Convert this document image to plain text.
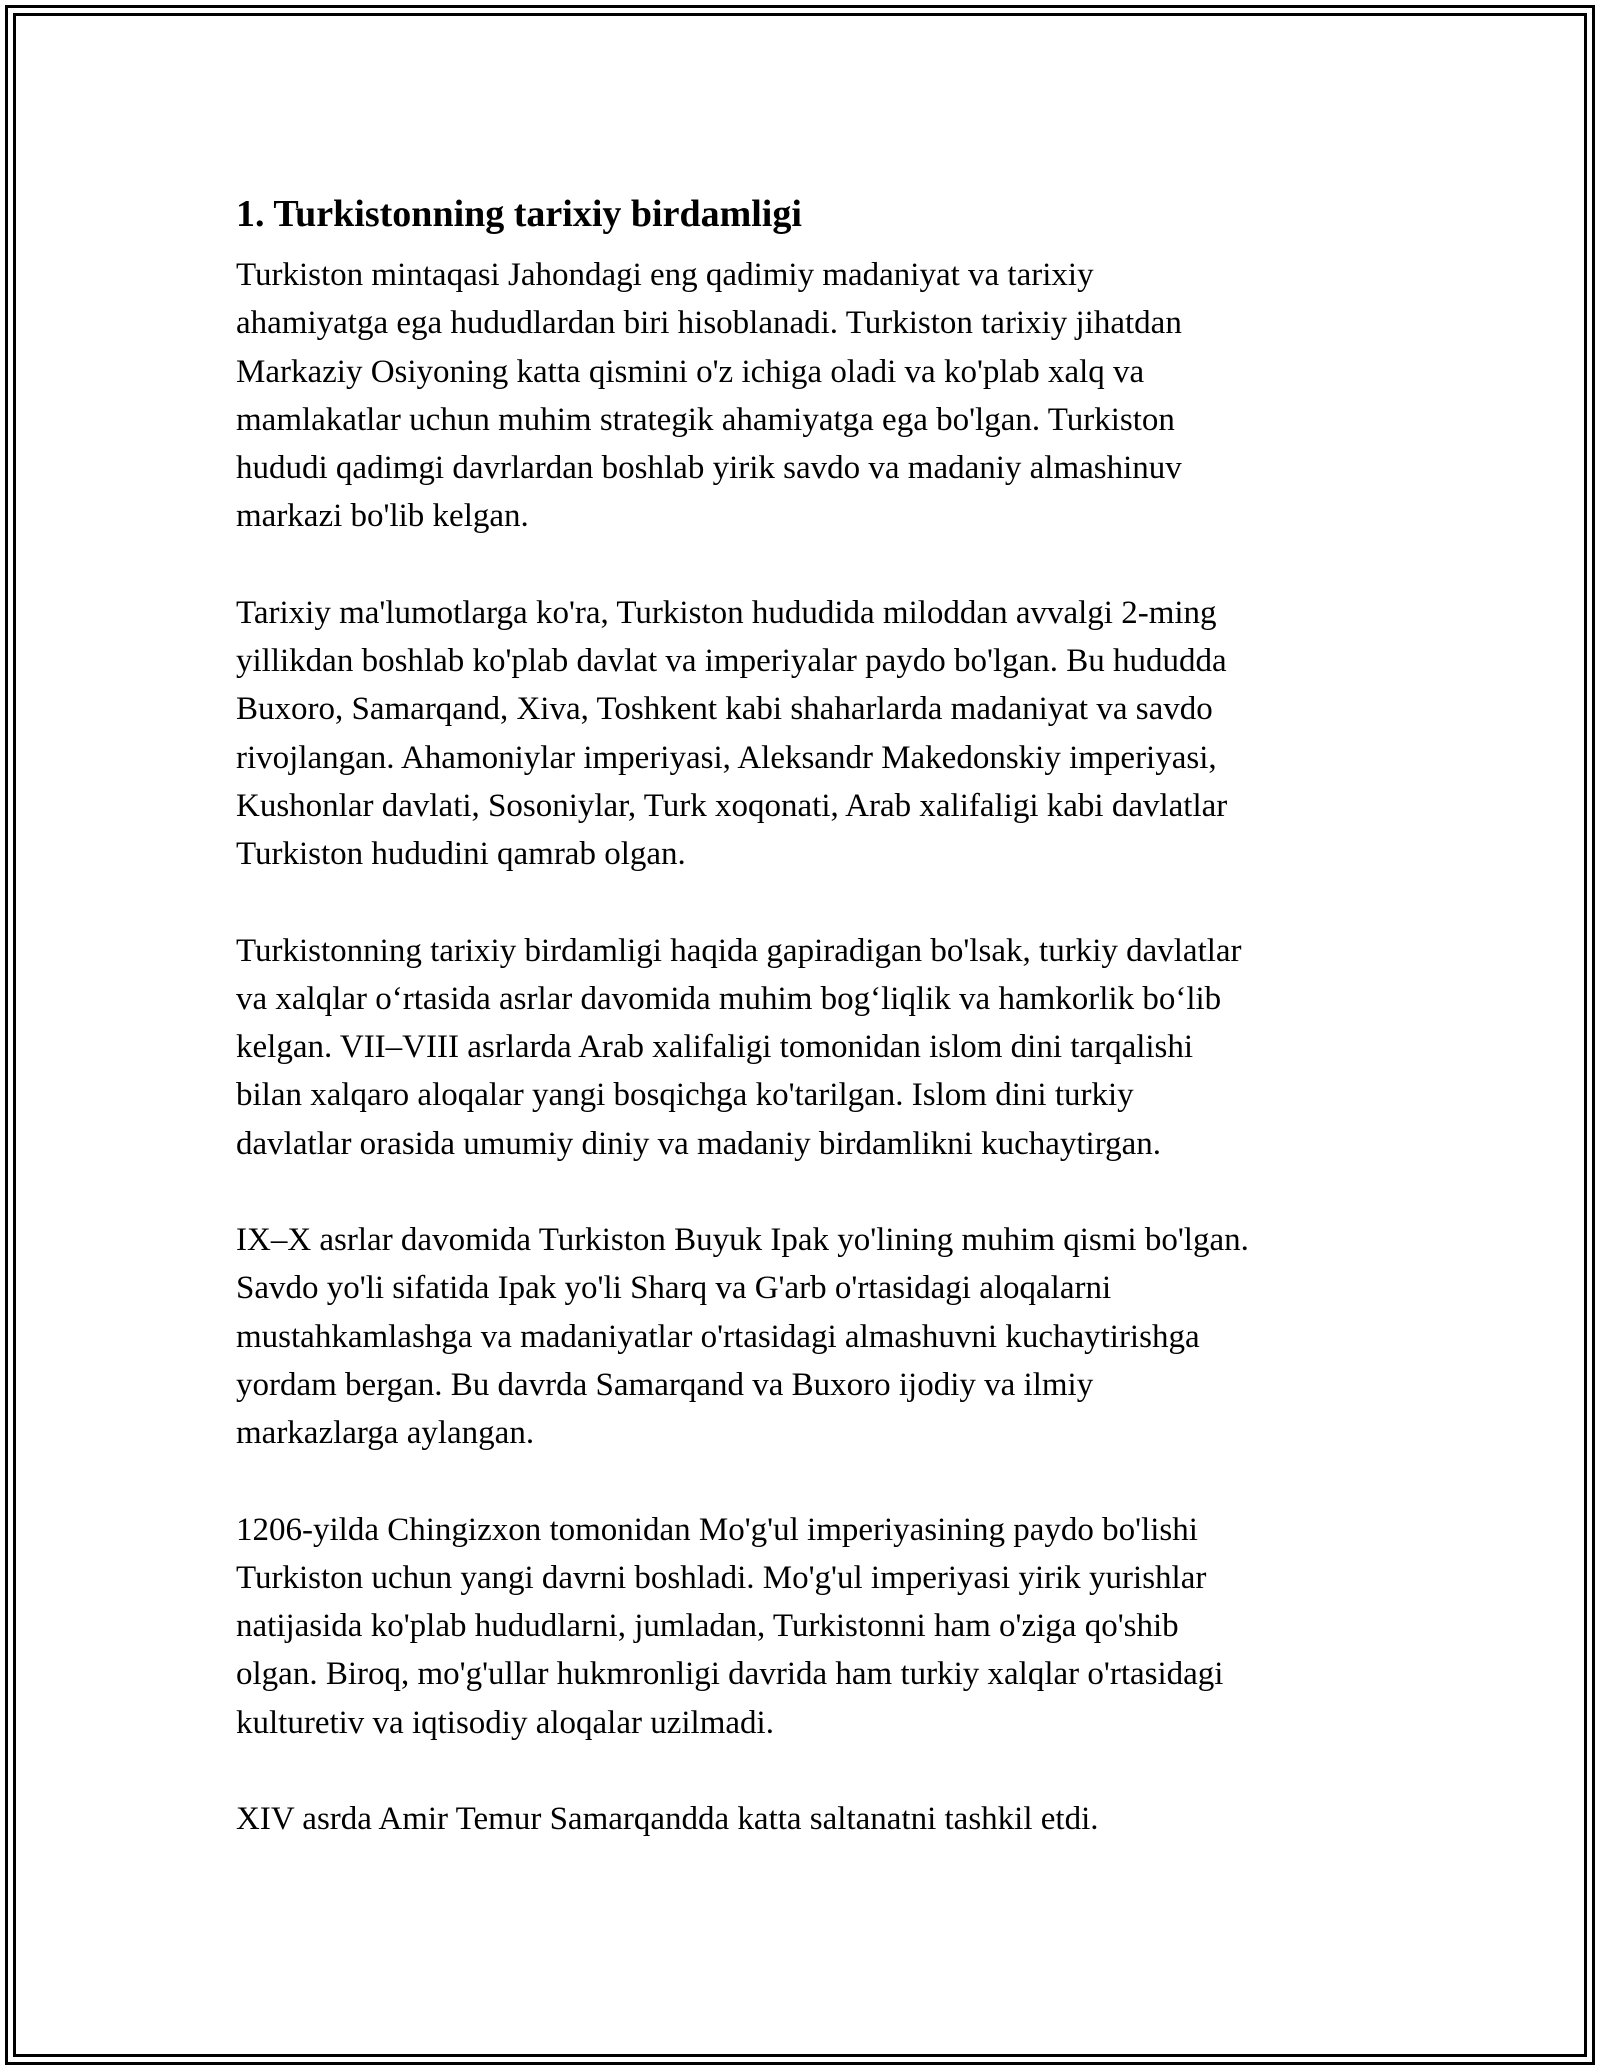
1. Turkistonning tarixiy birdamligi

Turkiston mintaqasi Jahondagi eng qadimiy madaniyat va tarixiy
ahamiyatga ega hududlardan biri hisoblanadi. Turkiston tarixiy jihatdan
Markaziy Osiyoning katta qismini o'z ichiga oladi va ko'plab xalq va
mamlakatlar uchun muhim strategik ahamiyatga ega bo'lgan. Turkiston
hududi qadimgi davrlardan boshlab yirik savdo va madaniy almashinuv
markazi bo'lib kelgan.

Tarixiy ma'lumotlarga ko'ra, Turkiston hududida miloddan avvalgi 2-ming
yillikdan boshlab ko'plab davlat va imperiyalar paydo bo'lgan. Bu hududda
Buxoro, Samarqand, Xiva, Toshkent kabi shaharlarda madaniyat va savdo
rivojlangan. Ahamoniylar imperiyasi, Aleksandr Makedonskiy imperiyasi,
Kushonlar davlati, Sosoniylar, Turk xoqonati, Arab xalifaligi kabi davlatlar
Turkiston hududini qamrab olgan.

Turkistonning tarixiy birdamligi haqida gapiradigan bo'lsak, turkiy davlatlar
va xalqlar o‘rtasida asrlar davomida muhim bog‘liqlik va hamkorlik bo‘lib
kelgan. VII–VIII asrlarda Arab xalifaligi tomonidan islom dini tarqalishi
bilan xalqaro aloqalar yangi bosqichga ko'tarilgan. Islom dini turkiy
davlatlar orasida umumiy diniy va madaniy birdamlikni kuchaytirgan.

IX–X asrlar davomida Turkiston Buyuk Ipak yo'lining muhim qismi bo'lgan.
Savdo yo'li sifatida Ipak yo'li Sharq va G'arb o'rtasidagi aloqalarni
mustahkamlashga va madaniyatlar o'rtasidagi almashuvni kuchaytirishga
yordam bergan. Bu davrda Samarqand va Buxoro ijodiy va ilmiy
markazlarga aylangan.

1206-yilda Chingizxon tomonidan Mo'g'ul imperiyasining paydo bo'lishi
Turkiston uchun yangi davrni boshladi. Mo'g'ul imperiyasi yirik yurishlar
natijasida ko'plab hududlarni, jumladan, Turkistonni ham o'ziga qo'shib
olgan. Biroq, mo'g'ullar hukmronligi davrida ham turkiy xalqlar o'rtasidagi
kulturetiv va iqtisodiy aloqalar uzilmadi.

XIV asrda Amir Temur Samarqandda katta saltanatni tashkil etdi.
